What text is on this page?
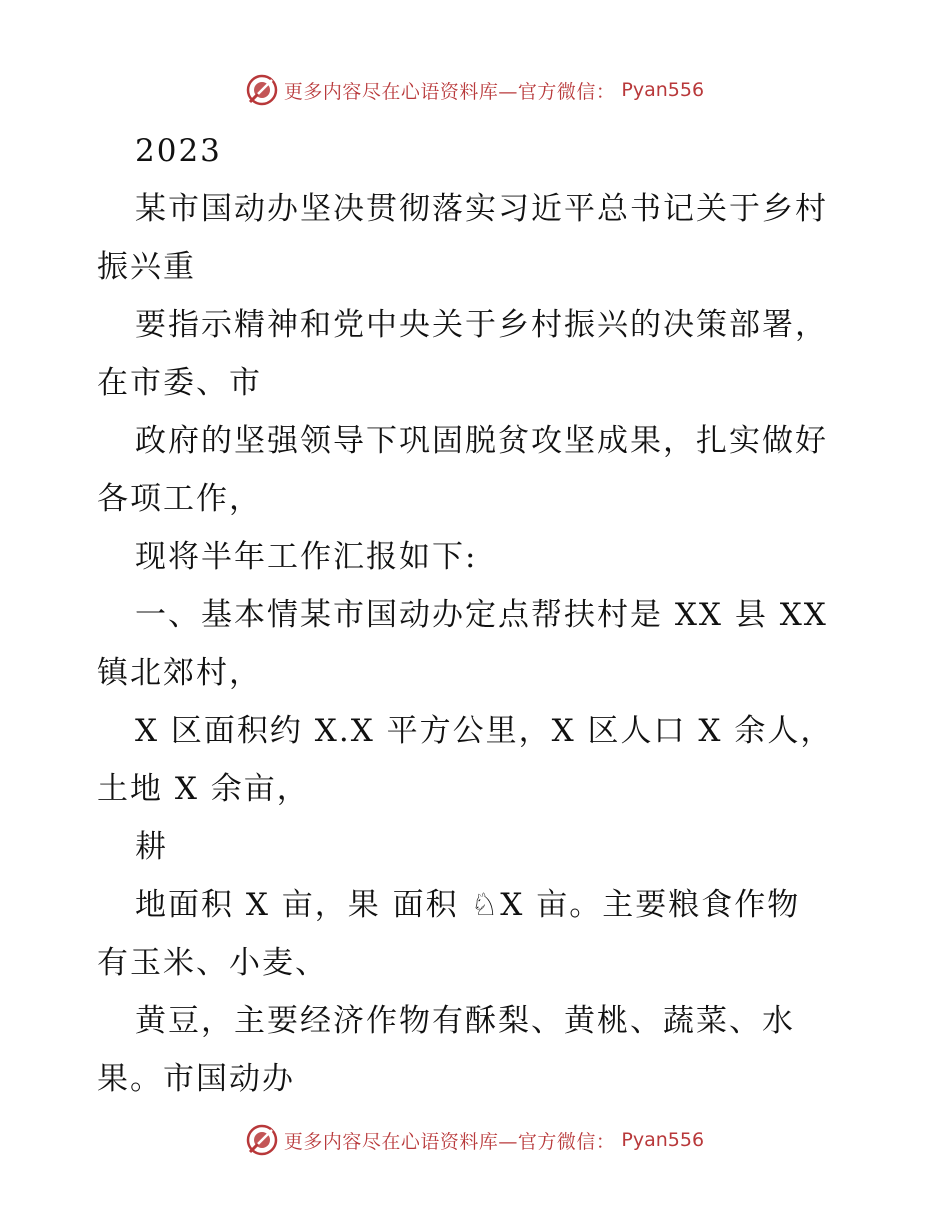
更多内容尽在心语资料库—官方微信： Pyan556
2023
某市国动办坚决贯彻落实习近平总书记关于乡村
振兴重
要指示精神和党中央关于乡村振兴的决策部署，
在市委、市
政府的坚强领导下巩固脱贫攻坚成果，扎实做好
各项工作，
现将半年工作汇报如下:
一、基本情某市国动办定点帮扶村是 XX 县 XX
镇北郊村，
X 区面积约 X.X 平方公里，X 区人口 X 余人，
土地 X 余亩，
耕
地面积 X 亩，果 面积 ♘X 亩。主要粮食作物
有玉米、小麦、
黄豆，主要经济作物有酥梨、黄桃、蔬菜、水
果。市国动办
更多内容尽在心语资料库—官方微信： Pyan556
